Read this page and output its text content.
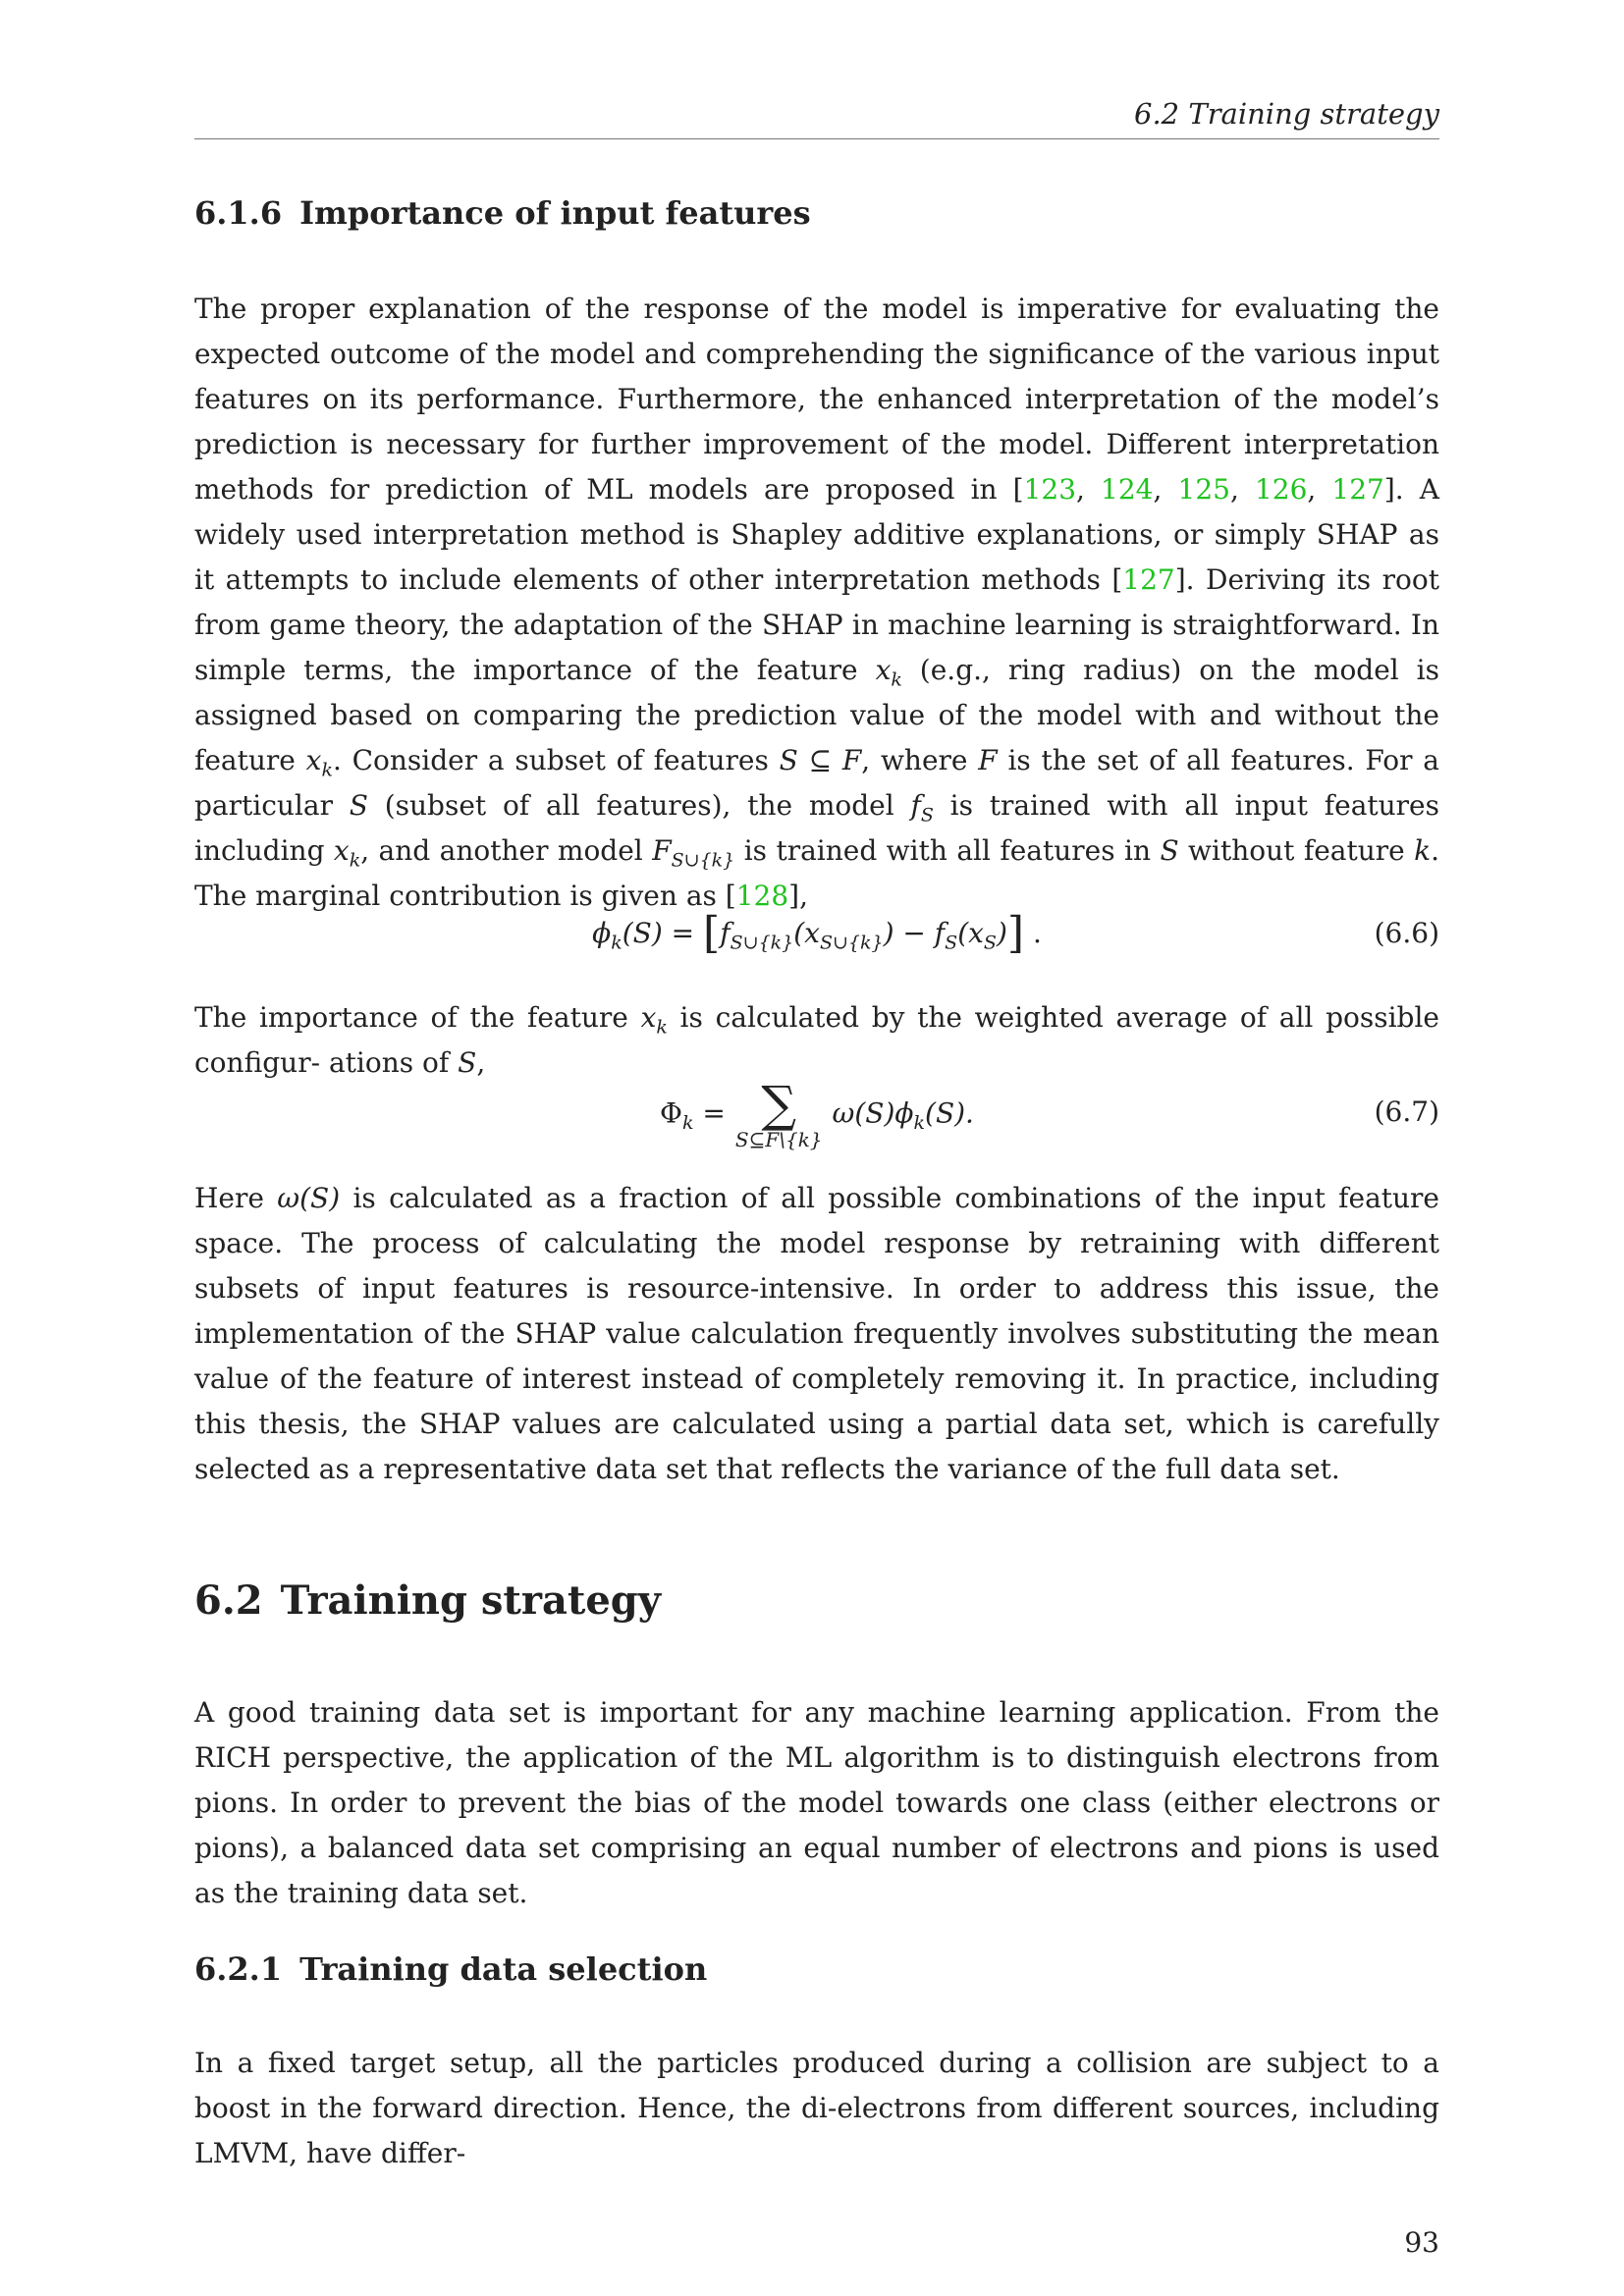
6.2 Training strategy
6.1.6 Importance of input features

The proper explanation of the response of the model is imperative for evaluating the expected outcome of the model and comprehending the significance of the various input features on its performance. Furthermore, the enhanced interpretation of the model’s prediction is necessary for further improvement of the model. Different interpretation methods for prediction of ML models are proposed in [123, 124, 125, 126, 127]. A widely used interpretation method is Shapley additive explanations, or simply SHAP as it attempts to include elements of other interpretation methods [127]. Deriving its root from game theory, the adaptation of the SHAP in machine learning is straightforward. In simple terms, the importance of the feature $x_k$ (e.g., ring radius) on the model is assigned based on comparing the prediction value of the model with and without the feature $x_k$. Consider a subset of features S ⊆ F, where F is the set of all features. For a particular S (subset of all features), the model $f_S$ is trained with all input features including $x_k$, and another model $F_{S\cup\{k\}}$ is trained with all features in S without feature k. The marginal contribution is given as [128],

$\phi_k(S) = [f_{S\cup\{k\}}(x_{S\cup\{k\}}) - f_S(x_S)]$ .	(6.6)

The importance of the feature $x_k$ is calculated by the weighted average of all possible configur- ations of S,

$\Phi_k$ = ∑
S⊆F\{k}
$\omega(S)\phi_k(S)$.	(6.7)

Here ω(S) is calculated as a fraction of all possible combinations of the input feature space. The process of calculating the model response by retraining with different subsets of input features is resource-intensive. In order to address this issue, the implementation of the SHAP value calculation frequently involves substituting the mean value of the feature of interest instead of completely removing it. In practice, including this thesis, the SHAP values are calculated using a partial data set, which is carefully selected as a representative data set that reflects the variance of the full data set.

6.2 Training strategy

A good training data set is important for any machine learning application. From the RICH perspective, the application of the ML algorithm is to distinguish electrons from pions. In order to prevent the bias of the model towards one class (either electrons or pions), a balanced data set comprising an equal number of electrons and pions is used as the training data set.

6.2.1 Training data selection

In a fixed target setup, all the particles produced during a collision are subject to a boost in the forward direction. Hence, the di-electrons from different sources, including LMVM, have differ-

93
